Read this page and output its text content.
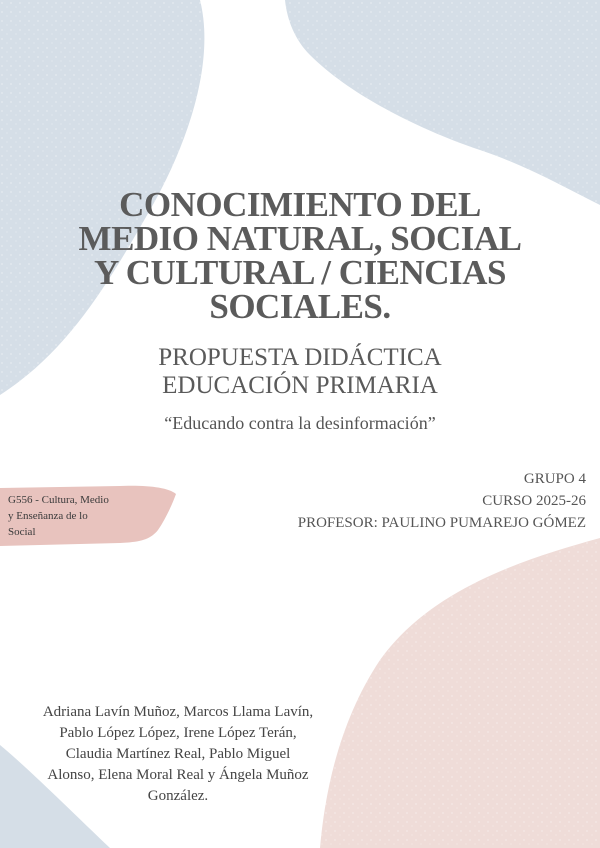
CONOCIMIENTO DEL
MEDIO NATURAL, SOCIAL
Y CULTURAL / CIENCIAS
SOCIALES.
PROPUESTA DIDÁCTICA
EDUCACIÓN PRIMARIA
“Educando contra la desinformación”
GRUPO 4
CURSO 2025-26
PROFESOR: PAULINO PUMAREJO GÓMEZ
G556 - Cultura, Medio
y Enseñanza de lo
Social
Adriana Lavín Muñoz, Marcos Llama Lavín,
Pablo López López, Irene López Terán,
Claudia Martínez Real, Pablo Miguel
Alonso, Elena Moral Real y Ángela Muñoz
González.
